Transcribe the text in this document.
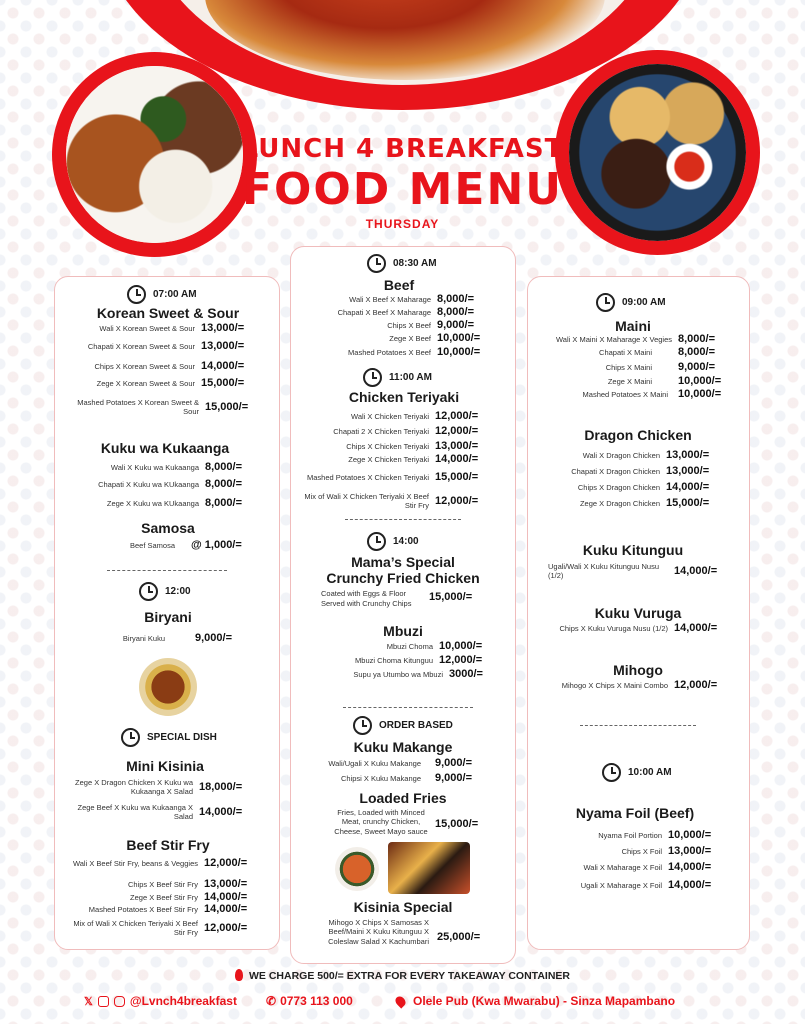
LUNCH 4 BREAKFAST
FOOD MENU
THURSDAY
07:00 AM
Korean Sweet & Sour
Wali X Korean Sweet & Sour 13,000/=
Chapati X Korean Sweet & Sour 13,000/=
Chips X Korean Sweet & Sour 14,000/=
Zege X Korean Sweet & Sour 15,000/=
Mashed Potatoes X Korean Sweet & Sour 15,000/=
Kuku wa Kukaanga
Wali X Kuku wa Kukaanga 8,000/=
Chapati X Kuku wa KUkaanga 8,000/=
Zege X Kuku wa KUkaanga 8,000/=
Samosa
Beef Samosa @ 1,000/=
12:00
Biryani
Biryani Kuku	9,000/=
SPECIAL DISH
Mini Kisinia
Zege X Dragon Chicken X Kuku wa Kukaanga X Salad 18,000/=
Zege Beef X Kuku wa Kukaanga X Salad 14,000/=
Beef Stir Fry
Wali X Beef Stir Fry, beans & Veggies 12,000/=
Chips X Beef Stir Fry 13,000/=
Zege X Beef Stir Fry 14,000/=
Mashed Potatoes X Beef Stir Fry 14,000/=
Mix of Wali X Chicken Teriyaki X Beef Stir Fry 12,000/=
08:30 AM
Beef
Wali X Beef X Maharage 8,000/=
Chapati X Beef X Maharage 8,000/=
Chips X Beef 9,000/=
Zege X Beef 10,000/=
Mashed Potatoes X Beef 10,000/=
11:00 AM
Chicken Teriyaki
Wali X Chicken Teriyaki 12,000/=
Chapati 2 X Chicken Teriyaki 12,000/=
Chips X Chicken Teriyaki 13,000/=
Zege X Chicken Teriyaki 14,000/=
Mashed Potatoes X Chicken Teriyaki 15,000/=
Mix of Wali X Chicken Teriyaki X Beef Stir Fry 12,000/=
14:00
Mama’s Special
Crunchy Fried Chicken
Coated with Eggs & Floor
Served with Crunchy Chips
15,000/=
Mbuzi
Mbuzi Choma 10,000/=
Mbuzi Choma Kitunguu 12,000/=
Supu ya Utumbo wa Mbuzi 3000/=
ORDER BASED
Kuku Makange
Wali/Ugali X Kuku Makange 9,000/=
Chipsi X Kuku Makange 9,000/=
Loaded Fries
Fries, Loaded with Minced Meat, crunchy Chicken, Cheese, Sweet Mayo sauce
15,000/=
Kisinia Special
Mihogo X Chips X Samosas X Beef/Maini X Kuku Kitunguu X Coleslaw Salad X Kachumbari 25,000/=
09:00 AM
Maini
Wali X Maini X Maharage X Vegies 8,000/=
Chapati X Maini 8,000/=
Chips X Maini 9,000/=
Zege X Maini 10,000/=
Mashed Potatoes X Maini 10,000/=
Dragon Chicken
Wali X Dragon Chicken 13,000/=
Chapati X Dragon Chicken 13,000/=
Chips X Dragon Chicken 14,000/=
Zege X Dragon Chicken 15,000/=
Kuku Kitunguu
Ugali/Wali X Kuku Kitunguu Nusu (1/2)	14,000/=
Kuku Vuruga
Chips X Kuku Vuruga Nusu (1/2) 14,000/=
Mihogo
Mihogo X Chips X Maini Combo 12,000/=
10:00 AM
Nyama Foil (Beef)
Nyama Foil Portion 10,000/=
Chips X Foil 13,000/=
Wali X Maharage X Foil 14,000/=
Ugali X Maharage X Foil 14,000/=
WE CHARGE 500/= EXTRA FOR EVERY TAKEAWAY CONTAINER
𝕏	@Lvnch4breakfast ✆ 0773 113 000	Olele Pub (Kwa Mwarabu) - Sinza Mapambano
